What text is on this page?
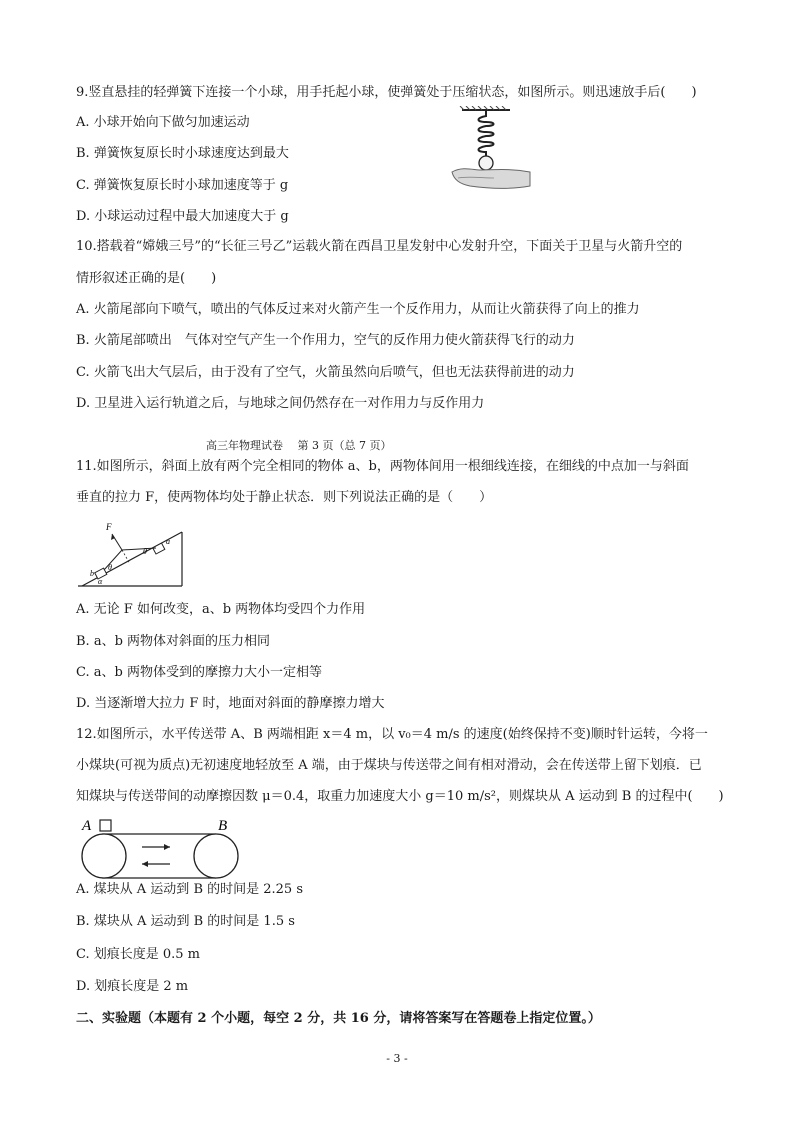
9.竖直悬挂的轻弹簧下连接一个小球，用手托起小球，使弹簧处于压缩状态，如图所示。则迅速放手后(　　)
A. 小球开始向下做匀加速运动
B. 弹簧恢复原长时小球速度达到最大
C. 弹簧恢复原长时小球加速度等于 g
D. 小球运动过程中最大加速度大于 g
10.搭载着“嫦娥三号”的“长征三号乙”运载火箭在西昌卫星发射中心发射升空，下面关于卫星与火箭升空的
情形叙述正确的是(　　)
A. 火箭尾部向下喷气，喷出的气体反过来对火箭产生一个反作用力，从而让火箭获得了向上的推力
B. 火箭尾部喷出　气体对空气产生一个作用力，空气的反作用力使火箭获得飞行的动力
C. 火箭飞出大气层后，由于没有了空气，火箭虽然向后喷气，但也无法获得前进的动力
D. 卫星进入运行轨道之后，与地球之间仍然存在一对作用力与反作用力
高三年物理试卷　 第 3 页（总 7 页）
11.如图所示，斜面上放有两个完全相同的物体 a、b，两物体间用一根细线连接，在细线的中点加一与斜面
垂直的拉力 F，使两物体均处于静止状态．则下列说法正确的是（　　）
F
b
a
θ
θ
α
A. 无论 F 如何改变，a、b 两物体均受四个力作用
B. a、b 两物体对斜面的压力相同
C. a、b 两物体受到的摩擦力大小一定相等
D. 当逐渐增大拉力 F 时，地面对斜面的静摩擦力增大
12.如图所示，水平传送带 A、B 两端相距 x＝4 m，以 v₀＝4 m/s 的速度(始终保持不变)顺时针运转，今将一
小煤块(可视为质点)无初速度地轻放至 A 端，由于煤块与传送带之间有相对滑动，会在传送带上留下划痕．已
知煤块与传送带间的动摩擦因数 μ＝0.4，取重力加速度大小 g＝10 m/s²，则煤块从 A 运动到 B 的过程中(　　)
A	B
A. 煤块从 A 运动到 B 的时间是 2.25 s
B. 煤块从 A 运动到 B 的时间是 1.5 s
C. 划痕长度是 0.5 m
D. 划痕长度是 2 m
二、实验题（本题有 2 个小题，每空 2 分，共 16 分，请将答案写在答题卷上指定位置。）
- 3 -
